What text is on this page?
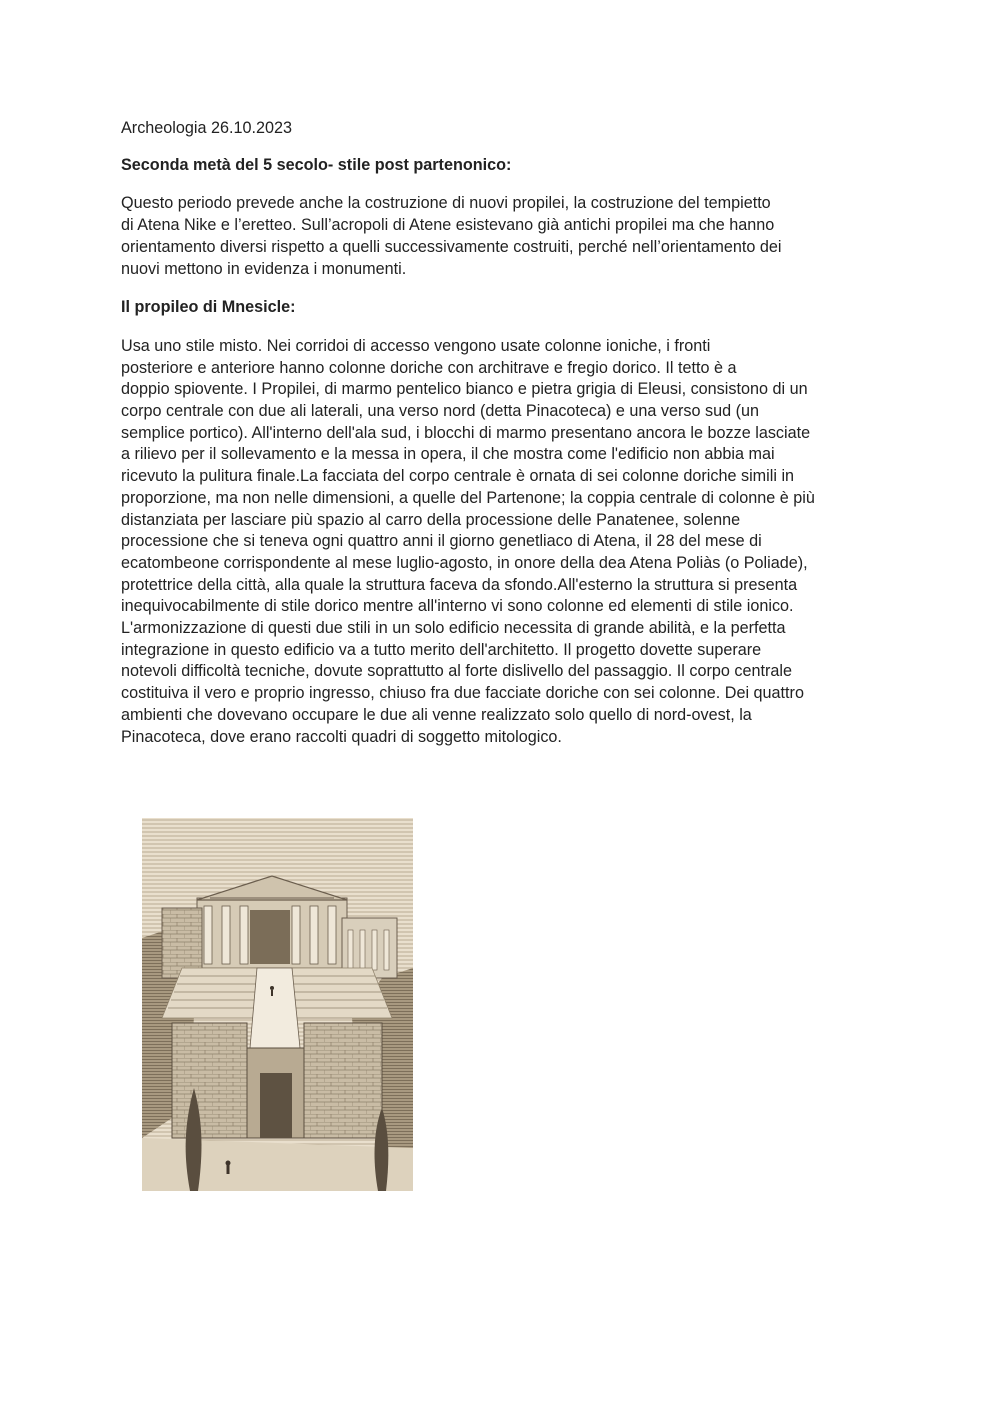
Archeologia 26.10.2023
Seconda metà del 5 secolo- stile post partenonico:
Questo periodo prevede anche la costruzione di nuovi propilei, la costruzione del tempietto
di Atena Nike e l’eretteo. Sull’acropoli di Atene esistevano già antichi propilei ma che hanno
orientamento diversi rispetto a quelli successivamente costruiti, perché nell’orientamento dei
nuovi mettono in evidenza i monumenti.
Il propileo di Mnesicle:
Usa uno stile misto. Nei corridoi di accesso vengono usate colonne ioniche, i fronti
posteriore e anteriore hanno colonne doriche con architrave e fregio dorico. Il tetto è a
doppio spiovente. I Propilei, di marmo pentelico bianco e pietra grigia di Eleusi, consistono di un
corpo centrale con due ali laterali, una verso nord (detta Pinacoteca) e una verso sud (un
semplice portico). All'interno dell'ala sud, i blocchi di marmo presentano ancora le bozze lasciate
a rilievo per il sollevamento e la messa in opera, il che mostra come l'edificio non abbia mai
ricevuto la pulitura finale.La facciata del corpo centrale è ornata di sei colonne doriche simili in
proporzione, ma non nelle dimensioni, a quelle del Partenone; la coppia centrale di colonne è più
distanziata per lasciare più spazio al carro della processione delle Panatenee, solenne
processione che si teneva ogni quattro anni il giorno genetliaco di Atena, il 28 del mese di
ecatombeone corrispondente al mese luglio-agosto, in onore della dea Atena Poliàs (o Poliade),
protettrice della città, alla quale la struttura faceva da sfondo.All'esterno la struttura si presenta
inequivocabilmente di stile dorico mentre all'interno vi sono colonne ed elementi di stile ionico.
L'armonizzazione di questi due stili in un solo edificio necessita di grande abilità, e la perfetta
integrazione in questo edificio va a tutto merito dell'architetto. Il progetto dovette superare
notevoli difficoltà tecniche, dovute soprattutto al forte dislivello del passaggio. Il corpo centrale
costituiva il vero e proprio ingresso, chiuso fra due facciate doriche con sei colonne. Dei quattro
ambienti che dovevano occupare le due ali venne realizzato solo quello di nord-ovest, la
Pinacoteca, dove erano raccolti quadri di soggetto mitologico.
